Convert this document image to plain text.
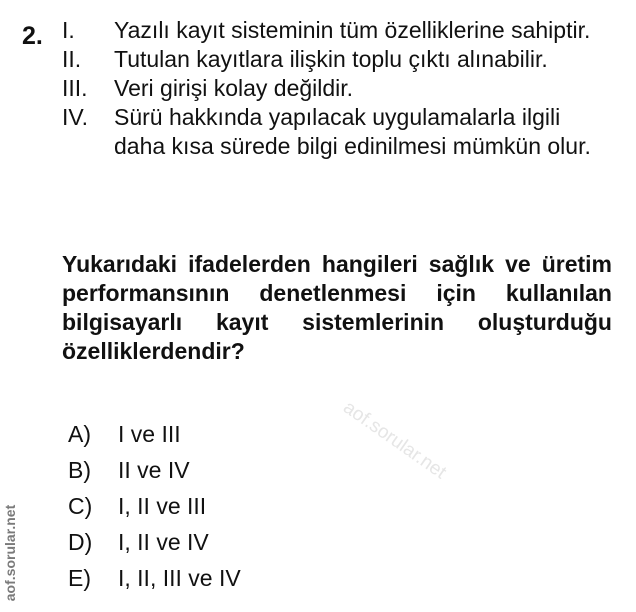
2. I.	Yazılı kayıt sisteminin tüm özelliklerine sahiptir.
II.	Tutulan kayıtlara ilişkin toplu çıktı alınabilir.
III.	Veri girişi kolay değildir.
IV.	Sürü hakkında yapılacak uygulamalarla ilgili daha kısa sürede bilgi edinilmesi mümkün olur.
Yukarıdaki ifadelerden hangileri sağlık ve üretim performansının denetlenmesi için kullanılan bilgisayarlı kayıt sistemlerinin oluşturduğu özelliklerdendir?
aof.sorular.net
A)	I ve III
B)	II ve IV
C)	I, II ve III
D)	I, II ve IV
E)	I, II, III ve IV
aof.sorular.net
